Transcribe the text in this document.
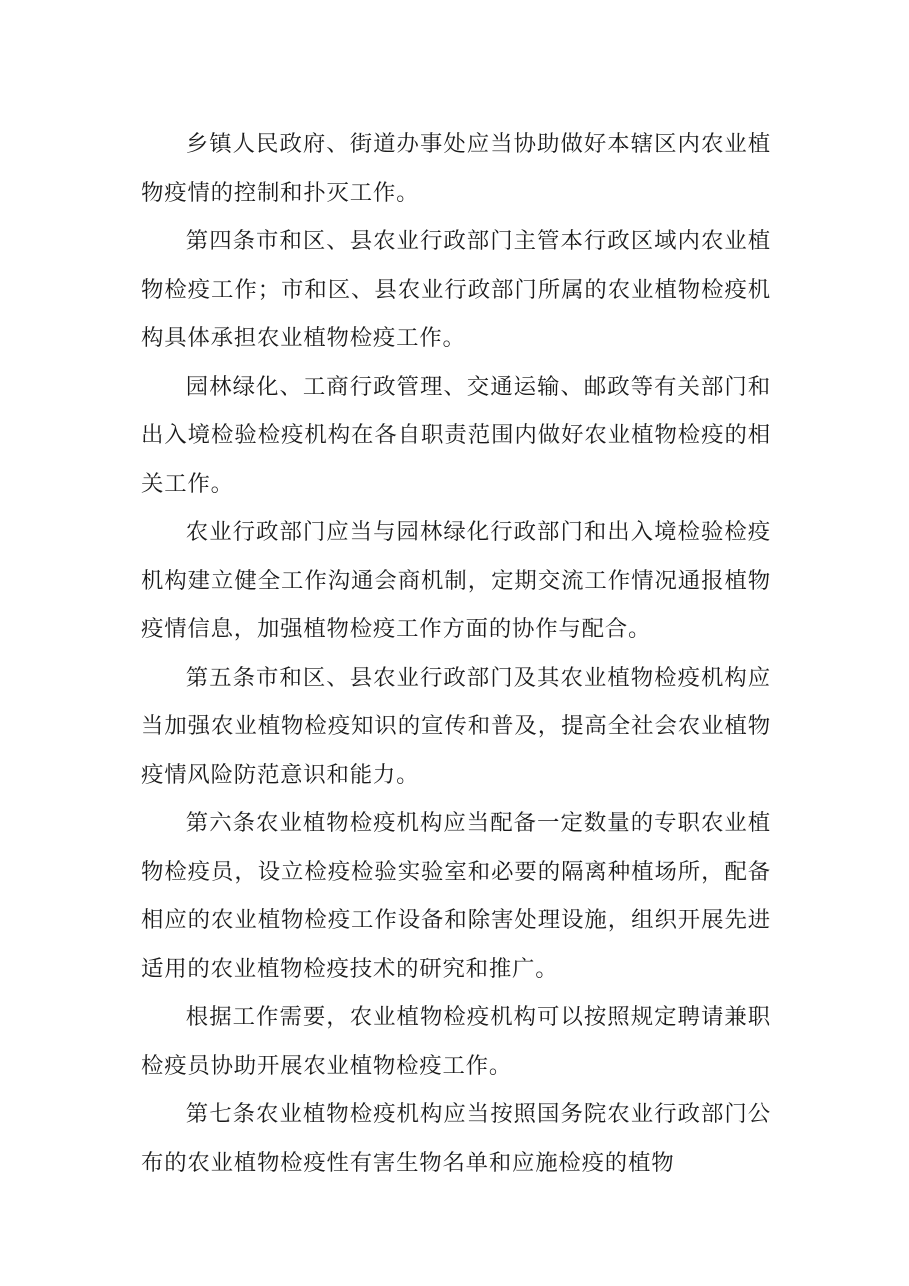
乡镇人民政府、街道办事处应当协助做好本辖区内农业植物疫情的控制和扑灭工作。

第四条市和区、县农业行政部门主管本行政区域内农业植物检疫工作；市和区、县农业行政部门所属的农业植物检疫机构具体承担农业植物检疫工作。

园林绿化、工商行政管理、交通运输、邮政等有关部门和出入境检验检疫机构在各自职责范围内做好农业植物检疫的相关工作。

农业行政部门应当与园林绿化行政部门和出入境检验检疫机构建立健全工作沟通会商机制，定期交流工作情况通报植物疫情信息，加强植物检疫工作方面的协作与配合。

第五条市和区、县农业行政部门及其农业植物检疫机构应当加强农业植物检疫知识的宣传和普及，提高全社会农业植物疫情风险防范意识和能力。

第六条农业植物检疫机构应当配备一定数量的专职农业植物检疫员，设立检疫检验实验室和必要的隔离种植场所，配备相应的农业植物检疫工作设备和除害处理设施，组织开展先进适用的农业植物检疫技术的研究和推广。

根据工作需要，农业植物检疫机构可以按照规定聘请兼职检疫员协助开展农业植物检疫工作。

第七条农业植物检疫机构应当按照国务院农业行政部门公布的农业植物检疫性有害生物名单和应施检疫的植物
